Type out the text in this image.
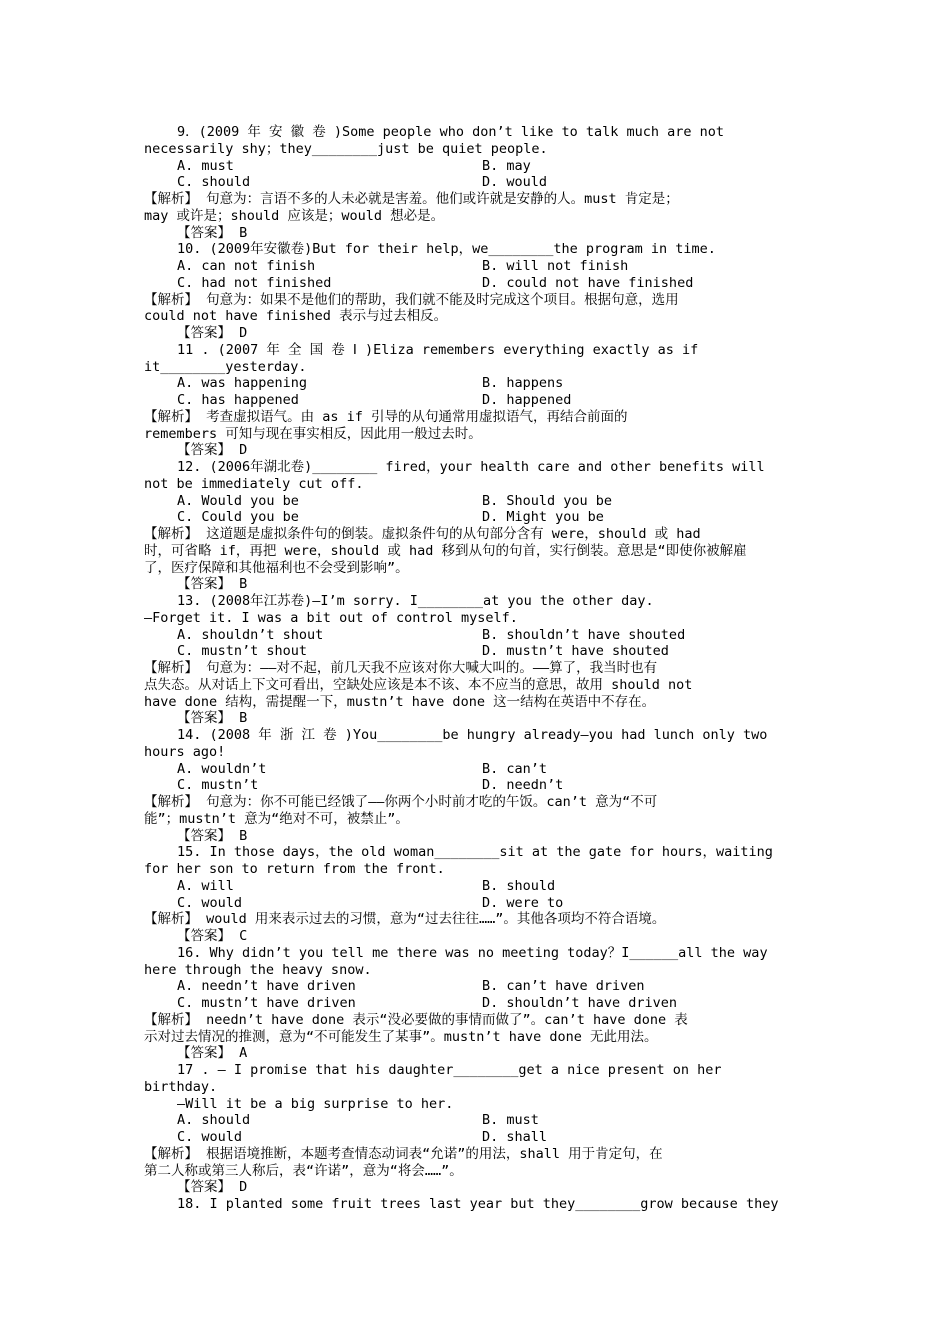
9．(2009 年 安 徽 卷 )Some people who don’t like to talk much are not
necessarily shy；they________just be quiet people.
A. must	B. may
C. should	D. would
【解析】 句意为：言语不多的人未必就是害羞。他们或许就是安静的人。must 肯定是；
may 或许是；should 应该是；would 想必是。
【答案】 B
10. (2009年安徽卷)But for their help，we________the program in time.
A. can not finish	B. will not finish
C. had not finished	D. could not have finished
【解析】 句意为：如果不是他们的帮助，我们就不能及时完成这个项目。根据句意，选用
could not have finished 表示与过去相反。
【答案】 D
11 . (2007 年 全 国 卷 Ⅰ )Eliza remembers everything exactly as if
it________yesterday.
A. was happening	B. happens
C. has happened	D. happened
【解析】 考查虚拟语气。由 as if 引导的从句通常用虚拟语气，再结合前面的
remembers 可知与现在事实相反，因此用一般过去时。
【答案】 D
12. (2006年湖北卷)________ fired，your health care and other benefits will
not be immediately cut off.
A. Would you be	B. Should you be
C. Could you be	D. Might you be
【解析】 这道题是虚拟条件句的倒装。虚拟条件句的从句部分含有 were，should 或 had
时，可省略 if，再把 were，should 或 had 移到从句的句首，实行倒装。意思是“即使你被解雇
了，医疗保障和其他福利也不会受到影响”。
【答案】 B
13. (2008年江苏卷)—I’m sorry. I________at you the other day.
—Forget it. I was a bit out of control myself.
A. shouldn’t shout	B. shouldn’t have shouted
C. mustn’t shout	D. mustn’t have shouted
【解析】 句意为：——对不起，前几天我不应该对你大喊大叫的。——算了，我当时也有
点失态。从对话上下文可看出，空缺处应该是本不该、本不应当的意思，故用 should not
have done 结构，需提醒一下，mustn’t have done 这一结构在英语中不存在。
【答案】 B
14. (2008 年 浙 江 卷 )You________be hungry already—you had lunch only two
hours ago!
A. wouldn’t	B. can’t
C. mustn’t	D. needn’t
【解析】 句意为：你不可能已经饿了——你两个小时前才吃的午饭。can’t 意为“不可
能”；mustn’t 意为“绝对不可，被禁止”。
【答案】 B
15. In those days，the old woman________sit at the gate for hours，waiting
for her son to return from the front.
A. will	B. should
C. would	D. were to
【解析】 would 用来表示过去的习惯，意为“过去往往……”。其他各项均不符合语境。
【答案】 C
16. Why didn’t you tell me there was no meeting today？I______all the way
here through the heavy snow.
A. needn’t have driven	B. can’t have driven
C. mustn’t have driven	D. shouldn’t have driven
【解析】 needn’t have done 表示“没必要做的事情而做了”。can’t have done 表
示对过去情况的推测，意为“不可能发生了某事”。mustn’t have done 无此用法。
【答案】 A
17 . — I promise that his daughter________get a nice present on her
birthday.
—Will it be a big surprise to her.
A. should	B. must
C. would	D. shall
【解析】 根据语境推断，本题考查情态动词表“允诺”的用法，shall 用于肯定句，在
第二人称或第三人称后，表“许诺”，意为“将会……”。
【答案】 D
18. I planted some fruit trees last year but they________grow because they
